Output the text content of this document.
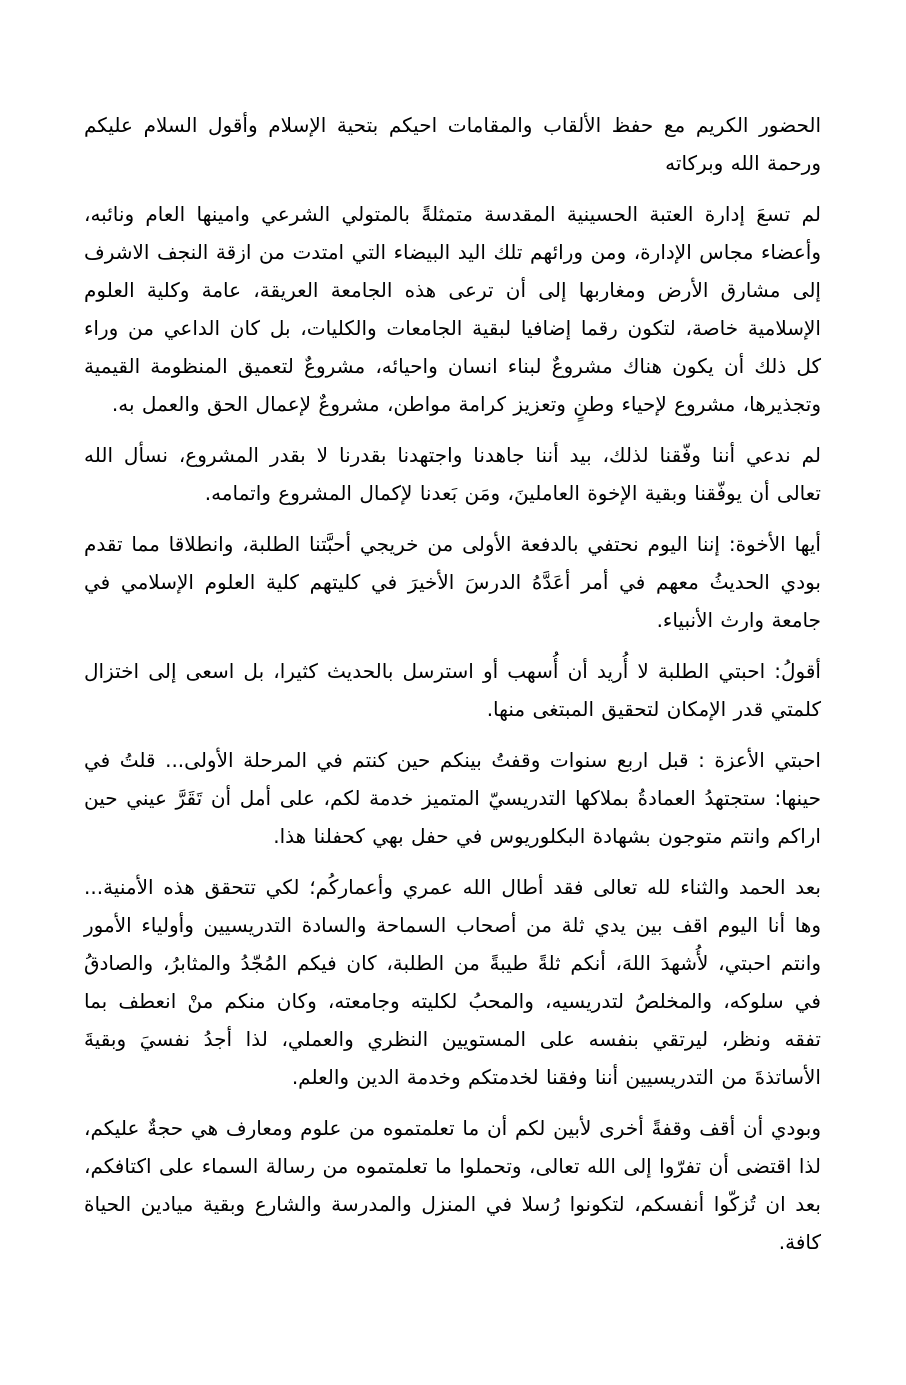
الحضور الكريم مع حفظ الألقاب والمقامات احيكم بتحية الإسلام وأقول السلام عليكم ورحمة الله وبركاته

لم تسعَ إدارة العتبة الحسينية المقدسة متمثلةً بالمتولي الشرعي وامينها العام ونائبه، وأعضاء مجاس الإدارة، ومن ورائهم تلك اليد البيضاء التي امتدت من ازقة النجف الاشرف إلى مشارق الأرض ومغاربها إلى أن ترعى هذه الجامعة العريقة، عامة وكلية العلوم الإسلامية خاصة، لتكون رقما إضافيا لبقية الجامعات والكليات، بل كان الداعي من وراء كل ذلك أن يكون هناك مشروعٌ لبناء انسان واحيائه، مشروعٌ لتعميق المنظومة القيمية وتجذيرها، مشروع لإحياء وطنٍ وتعزيز كرامة مواطن، مشروعٌ لإعمال الحق والعمل به.

لم ندعي أننا وفّقنا لذلك، بيد أننا جاهدنا واجتهدنا بقدرنا لا بقدر المشروع، نسأل الله تعالى أن يوفّقنا وبقية الإخوة العاملينَ، ومَن بَعدنا لإكمال المشروع واتمامه.

أيها الأخوة: إننا اليوم نحتفي بالدفعة الأولى من خريجي أحبَّتنا الطلبة، وانطلاقا مما تقدم بودي الحديثُ معهم في أمر أعَدَّهُ الدرسَ الأخيرَ في كليتهم كلية العلوم الإسلامي في جامعة وارث الأنبياء.

أقولُ: احبتي الطلبة لا أُريد أن أُسهب أو استرسل بالحديث كثيرا، بل اسعى إلى اختزال كلمتي قدر الإمكان لتحقيق المبتغى منها.

احبتي الأعزة : قبل اربع سنوات وقفتُ بينكم حين كنتم في المرحلة الأولى... قلتُ في حينها: ستجتهدُ العمادةُ بملاكها التدريسيّ المتميز خدمة لكم، على أمل أن تَقَرَّ عيني حين اراكم وانتم متوجون بشهادة البكلوريوس في حفل بهي كحفلنا هذا.

بعد الحمد والثناء لله تعالى فقد أطال الله عمري وأعماركُم؛ لكي تتحقق هذه الأمنية... وها أنا اليوم اقف بين يدي ثلة من أصحاب السماحة والسادة التدريسيين وأولياء الأمور وانتم احبتي، لأُشهدَ اللهَ، أنكم ثلةً طيبةً من الطلبة، كان فيكم المُجّدُ والمثابرُ، والصادقُ في سلوكه، والمخلصُ لتدريسيه، والمحبُ لكليته وجامعته، وكان منكم منْ انعطف بما تفقه ونظر، ليرتقي بنفسه على المستويين النظري والعملي، لذا أجدُ نفسيَ وبقيةَ الأساتذةَ من التدريسيين أننا وفقنا لخدمتكم وخدمة الدين والعلم.

وبودي أن أقف وقفةً أخرى لأبين لكم أن ما تعلمتموه من علوم ومعارف هي حجةٌ عليكم، لذا اقتضى أن تفرّوا إلى الله تعالى، وتحملوا ما تعلمتموه من رسالة السماء على اكتافكم، بعد ان تُزكّوا أنفسكم، لتكونوا رُسلا في المنزل والمدرسة والشارع وبقية ميادين الحياة كافة.
